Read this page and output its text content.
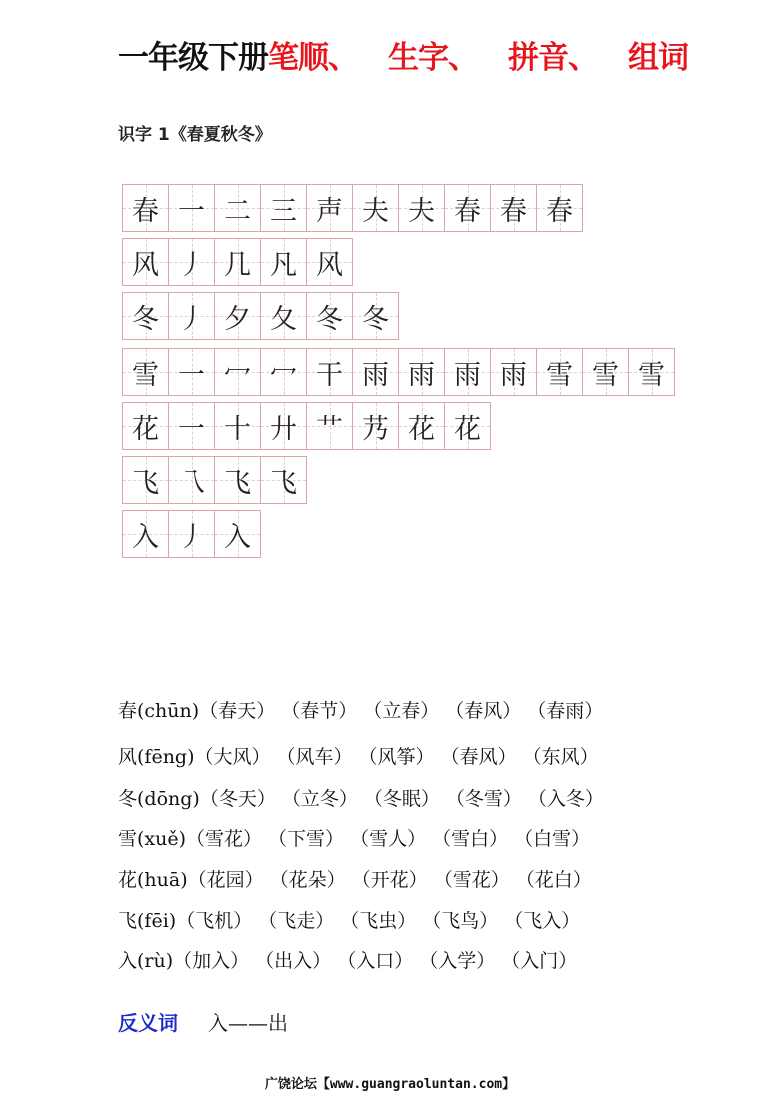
一年级下册笔顺、 生字、 拼音、 组词
识字 1《春夏秋冬》
春 一 二 三 声 夫 夫 春 春 春
风 丿 几 凡 风
冬 丿 夕 夂 冬 冬
雪 一 冖 冖 干 雨 雨 雨 雨 雪 雪 雪
花 一 十 廾 艹 艿 花 花
飞 乁 飞 飞
入 丿 入
春(chūn)（春天） （春节） （立春） （春风） （春雨）
风(fēng)（大风） （风车） （风筝） （春风） （东风）
冬(dōng)（冬天） （立冬） （冬眠） （冬雪） （入冬）
雪(xuě)（雪花） （下雪） （雪人） （雪白） （白雪）
花(huā)（花园） （花朵） （开花） （雪花） （花白）
飞(fēi)（飞机） （飞走） （飞虫） （飞鸟） （飞入）
入(rù)（加入） （出入） （入口） （入学） （入门）
反义词 入——出
广饶论坛【www.guangraoluntan.com】
